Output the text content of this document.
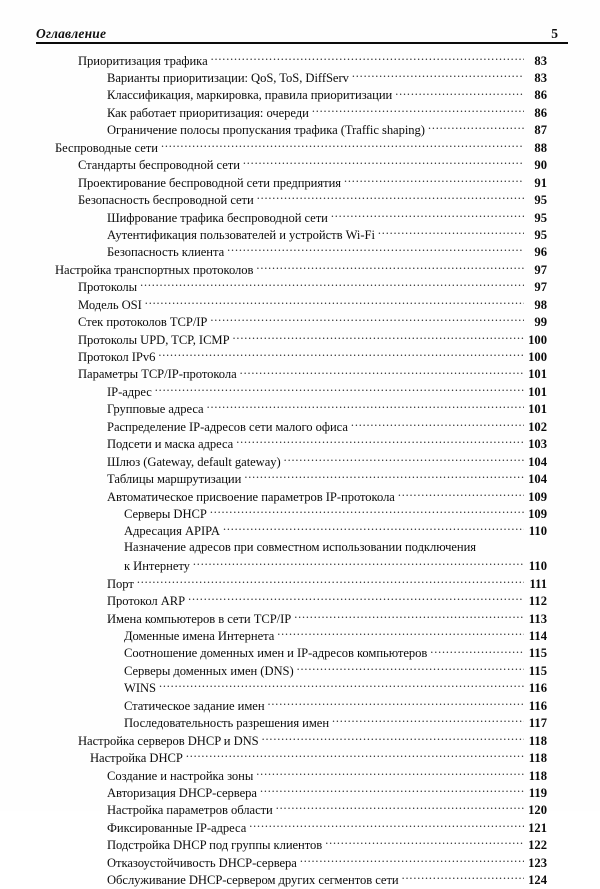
Оглавление	5
Приоритизация трафика .....	83
Варианты приоритизации: QoS, ToS, DiffServ .....	83
Классификация, маркировка, правила приоритизации .....	86
Как работает приоритизация: очереди .....	86
Ограничение полосы пропускания трафика (Traffic shaping) .....	87
Беспроводные сети .....	88
Стандарты беспроводной сети .....	90
Проектирование беспроводной сети предприятия .....	91
Безопасность беспроводной сети .....	95
Шифрование трафика беспроводной сети .....	95
Аутентификация пользователей и устройств Wi-Fi .....	95
Безопасность клиента .....	96
Настройка транспортных протоколов .....	97
Протоколы .....	97
Модель OSI .....	98
Стек протоколов TCP/IP .....	99
Протоколы UPD, TCP, ICMP .....	100
Протокол IPv6 .....	100
Параметры TCP/IP-протокола .....	101
IP-адрес .....	101
Групповые адреса .....	101
Распределение IP-адресов сети малого офиса .....	102
Подсети и маска адреса .....	103
Шлюз (Gateway, default gateway) .....	104
Таблицы маршрутизации .....	104
Автоматическое присвоение параметров IP-протокола .....	109
Серверы DHCP .....	109
Адресация APIPA .....	110
Назначение адресов при совместном использовании подключения
к Интернету .....	110
Порт .....	111
Протокол ARP .....	112
Имена компьютеров в сети TCP/IP .....	113
Доменные имена Интернета .....	114
Соотношение доменных имен и IP-адресов компьютеров .....	115
Серверы доменных имен (DNS) .....	115
WINS .....	116
Статическое задание имен .....	116
Последовательность разрешения имен .....	117
Настройка серверов DHCP и DNS .....	118
Настройка DHCP .....	118
Создание и настройка зоны .....	118
Авторизация DHCP-сервера .....	119
Настройка параметров области .....	120
Фиксированные IP-адреса .....	121
Подстройка DHCP под группы клиентов .....	122
Отказоустойчивость DHCP-сервера .....	123
Обслуживание DHCP-сервером других сегментов сети .....	124
